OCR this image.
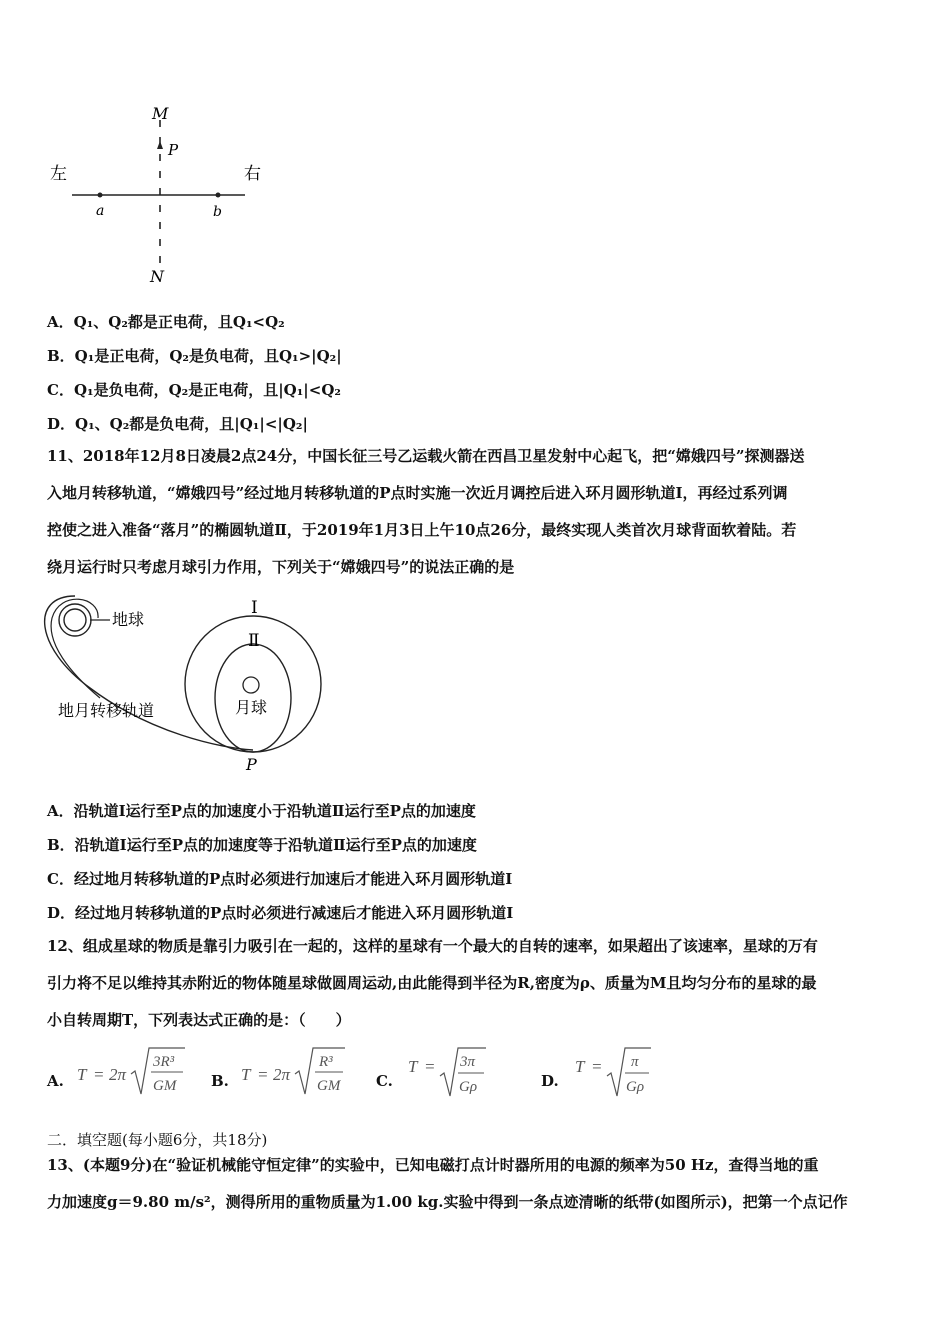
M
P
N
左	右
a	b
A．Q₁、Q₂都是正电荷，且Q₁<Q₂
B．Q₁是正电荷，Q₂是负电荷，且Q₁>|Q₂|
C．Q₁是负电荷，Q₂是正电荷，且|Q₁|<Q₂
D．Q₁、Q₂都是负电荷，且|Q₁|<|Q₂|
11、2018年12月8日凌晨2点24分，中国长征三号乙运载火箭在西昌卫星发射中心起飞，把“嫦娥四号”探测器送
入地月转移轨道，“嫦娥四号”经过地月转移轨道的P点时实施一次近月调控后进入环月圆形轨道I，再经过系列调
控使之进入准备“落月”的椭圆轨道Ⅱ，于2019年1月3日上午10点26分，最终实现人类首次月球背面软着陆。若
绕月运行时只考虑月球引力作用，下列关于“嫦娥四号”的说法正确的是
地球
月球
地月转移轨道
I
Ⅱ
P
A．沿轨道I运行至P点的加速度小于沿轨道Ⅱ运行至P点的加速度
B．沿轨道I运行至P点的加速度等于沿轨道Ⅱ运行至P点的加速度
C．经过地月转移轨道的P点时必须进行加速后才能进入环月圆形轨道I
D．经过地月转移轨道的P点时必须进行减速后才能进入环月圆形轨道I
12、组成星球的物质是靠引力吸引在一起的，这样的星球有一个最大的自转的速率，如果超出了该速率，星球的万有
引力将不足以维持其赤附近的物体随星球做圆周运动,由此能得到半径为R,密度为ρ、质量为M且均匀分布的星球的最
小自转周期T，下列表达式正确的是：（　　）
A. T = 2π
3R³
GM B. T = 2π
R³
GM C.
T = 3π
Gρ	D.
T = π
Gρ
二．填空题(每小题6分，共18分)
13、(本题9分)在“验证机械能守恒定律”的实验中，已知电磁打点计时器所用的电源的频率为50 Hz，查得当地的重
力加速度g＝9.80 m/s²，测得所用的重物质量为1.00 kg.实验中得到一条点迹清晰的纸带(如图所示)，把第一个点记作
